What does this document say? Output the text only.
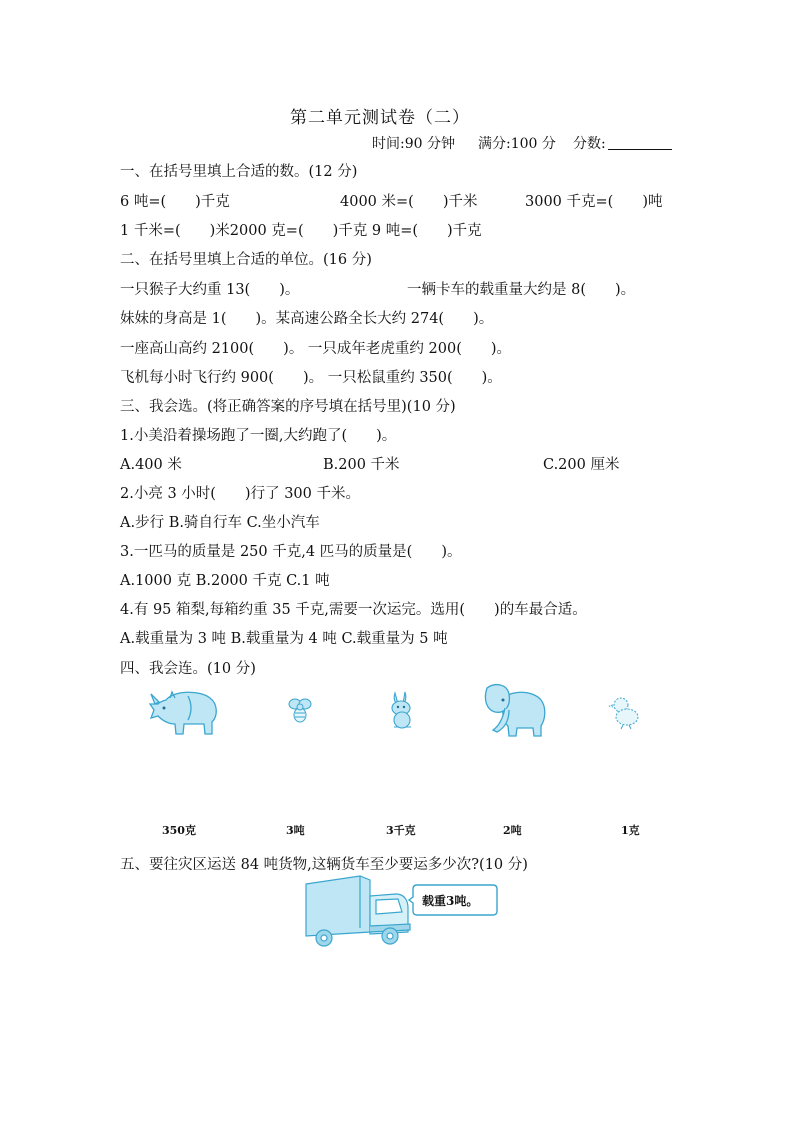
第二单元测试卷（二）
时间:90 分钟 满分:100 分 分数:
一、在括号里填上合适的数。(12 分)
6 吨=(　　)千克	4000 米=(　　)千米	3000 千克=(　　)吨
1 千米=(　　)米2000 克=(　　)千克 9 吨=(　　)千克
二、在括号里填上合适的单位。(16 分)
一只猴子大约重 13(　　)。	一辆卡车的载重量大约是 8(　　)。
妹妹的身高是 1(　　)。某高速公路全长大约 274(　　)。
一座高山高约 2100(　　)。 一只成年老虎重约 200(　　)。
飞机每小时飞行约 900(　　)。 一只松鼠重约 350(　　)。
三、我会选。(将正确答案的序号填在括号里)(10 分)
1.小美沿着操场跑了一圈,大约跑了(　　)。
A.400 米	B.200 千米	C.200 厘米
2.小亮 3 小时(　　)行了 300 千米。
A.步行 B.骑自行车 C.坐小汽车
3.一匹马的质量是 250 千克,4 匹马的质量是(　　)。
A.1000 克 B.2000 千克 C.1 吨
4.有 95 箱梨,每箱约重 35 千克,需要一次运完。选用(　　)的车最合适。
A.载重量为 3 吨 B.载重量为 4 吨 C.载重量为 5 吨
四、我会连。(10 分)
350克	3吨	3千克	2吨	1克
五、要往灾区运送 84 吨货物,这辆货车至少要运多少次?(10 分)
载重3吨。
